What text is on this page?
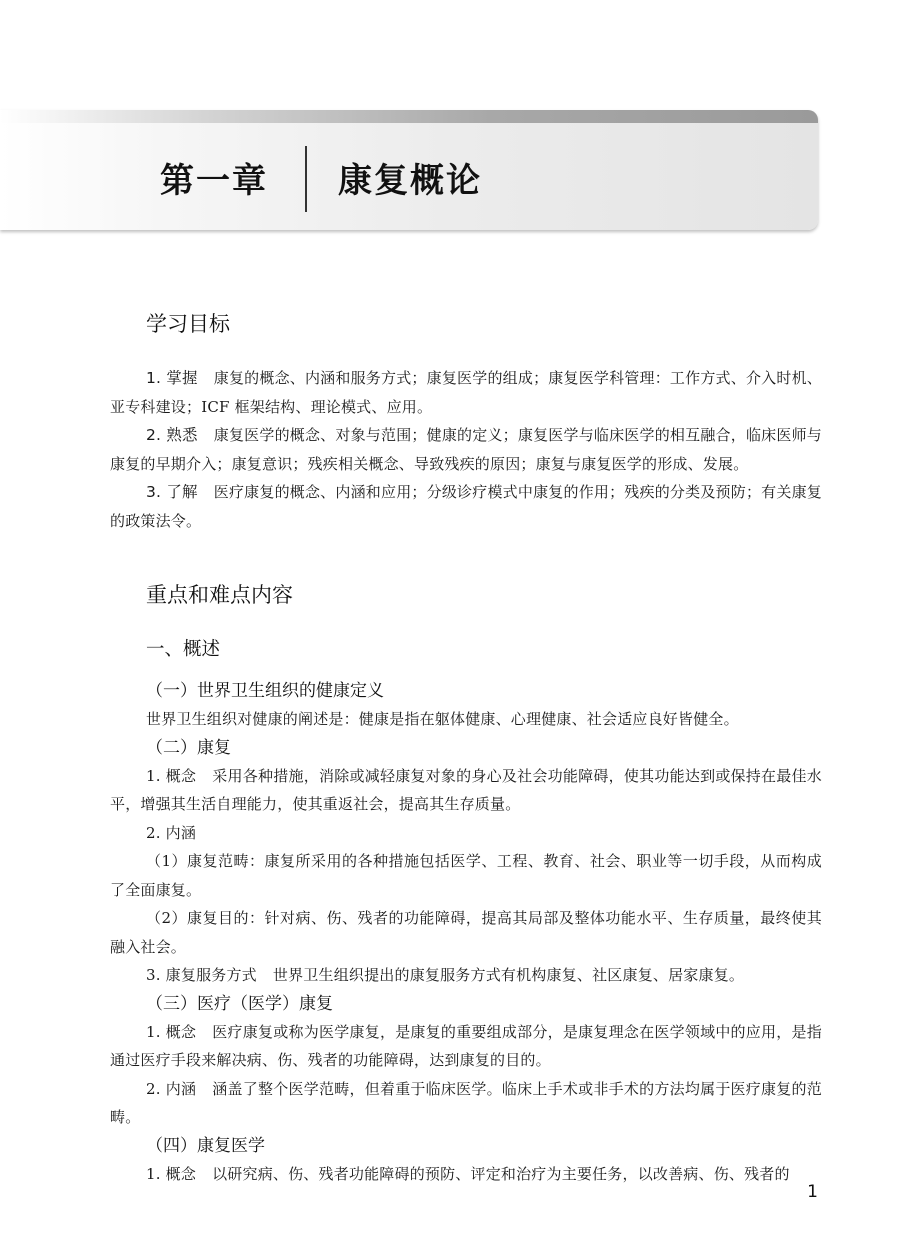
第一章 康复概论
学习目标

1. 掌握 康复的概念、内涵和服务方式；康复医学的组成；康复医学科管理：工作方式、介入时机、亚专科建设；ICF 框架结构、理论模式、应用。

2. 熟悉 康复医学的概念、对象与范围；健康的定义；康复医学与临床医学的相互融合，临床医师与康复的早期介入；康复意识；残疾相关概念、导致残疾的原因；康复与康复医学的形成、发展。

3. 了解 医疗康复的概念、内涵和应用；分级诊疗模式中康复的作用；残疾的分类及预防；有关康复的政策法令。

重点和难点内容
一、概述
（一）世界卫生组织的健康定义

世界卫生组织对健康的阐述是：健康是指在躯体健康、心理健康、社会适应良好皆健全。

（二）康复

1. 概念 采用各种措施，消除或减轻康复对象的身心及社会功能障碍，使其功能达到或保持在最佳水平，增强其生活自理能力，使其重返社会，提高其生存质量。

2. 内涵

（1）康复范畴：康复所采用的各种措施包括医学、工程、教育、社会、职业等一切手段，从而构成了全面康复。

（2）康复目的：针对病、伤、残者的功能障碍，提高其局部及整体功能水平、生存质量，最终使其融入社会。

3. 康复服务方式 世界卫生组织提出的康复服务方式有机构康复、社区康复、居家康复。

（三）医疗（医学）康复

1. 概念 医疗康复或称为医学康复，是康复的重要组成部分，是康复理念在医学领域中的应用，是指通过医疗手段来解决病、伤、残者的功能障碍，达到康复的目的。

2. 内涵 涵盖了整个医学范畴，但着重于临床医学。临床上手术或非手术的方法均属于医疗康复的范畴。

（四）康复医学

1. 概念 以研究病、伤、残者功能障碍的预防、评定和治疗为主要任务，以改善病、伤、残者的

1
